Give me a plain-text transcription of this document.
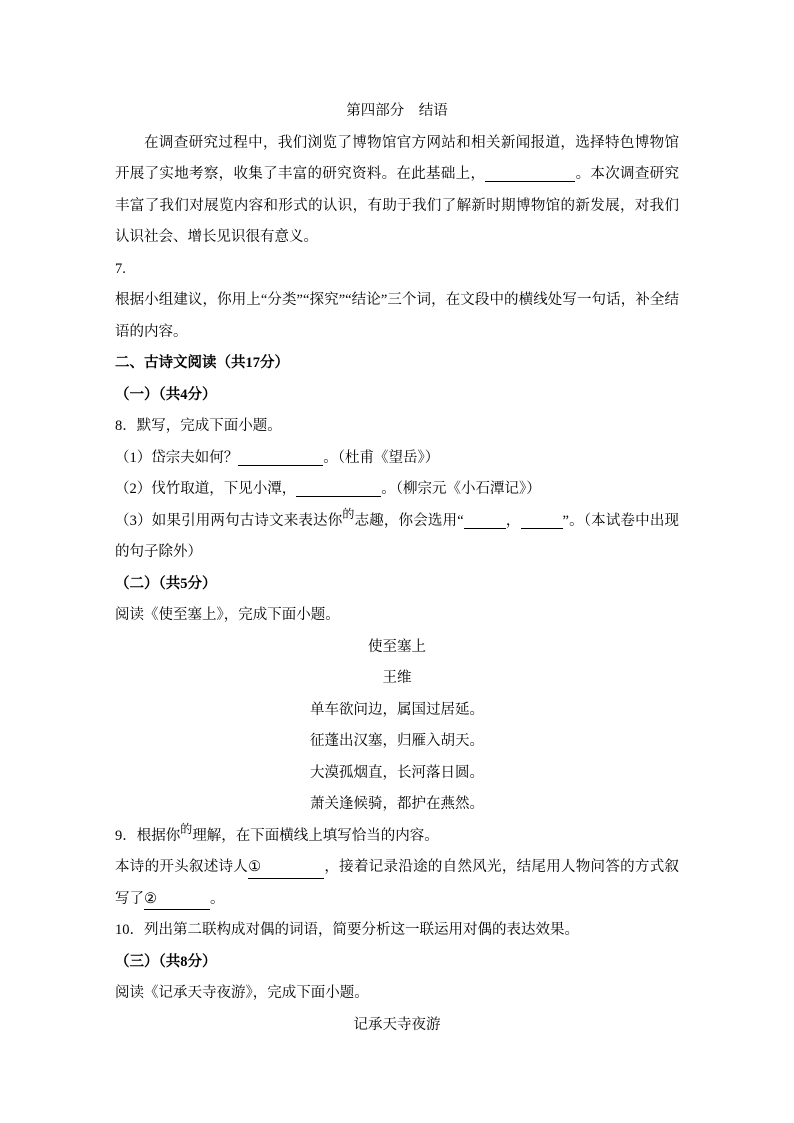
第四部分　结语

在调查研究过程中，我们浏览了博物馆官方网站和相关新闻报道，选择特色博物馆开展了实地考察，收集了丰富的研究资料。在此基础上，	。本次调查研究丰富了我们对展览内容和形式的认识，有助于我们了解新时期博物馆的新发展，对我们认识社会、增长见识很有意义。

7.

根据小组建议，你用上“分类”“探究”“结论”三个词，在文段中的横线处写一句话，补全结语的内容。

二、古诗文阅读（共17分）

（一）（共4分）

8．默写，完成下面小题。

（1）岱宗夫如何？	。（杜甫《望岳》）

（2）伐竹取道，下见小潭，	。（柳宗元《小石潭记》）

（3）如果引用两句古诗文来表达你$^的$志趣，你会选用“	，	”。（本试卷中出现的句子除外）

（二）（共5分）

阅读《使至塞上》，完成下面小题。

使至塞上

王维

单车欲问边，属国过居延。

征蓬出汉塞，归雁入胡天。

大漠孤烟直，长河落日圆。

萧关逢候骑，都护在燕然。

9．根据你$^的$理解，在下面横线上填写恰当的内容。

本诗的开头叙述诗人①	，接着记录沿途的自然风光，结尾用人物问答的方式叙写了②	。

10．列出第二联构成对偶的词语，简要分析这一联运用对偶的表达效果。

（三）（共8分）

阅读《记承天寺夜游》，完成下面小题。

记承天寺夜游
